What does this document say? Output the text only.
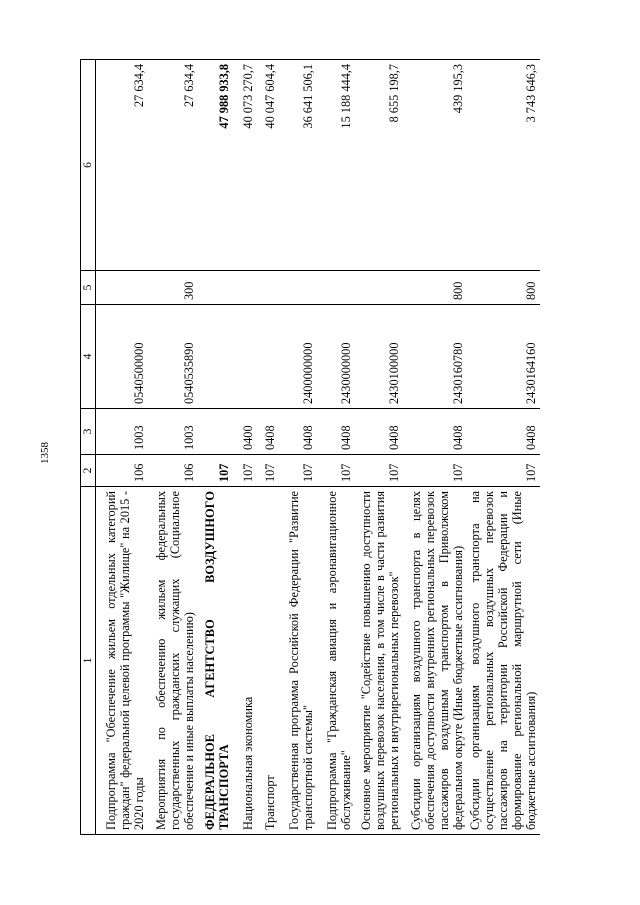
1358
1	2	3	4	5	6
Подпрограмма "Обеспечение жильем отдельных категорий граждан" федеральной целевой программы "Жилище" на 2015 - 2020 годы	106	1003	0540500000		27 634,4
Мероприятия по обеспечению жильем федеральных государственных гражданских служащих (Социальное обеспечение и иные выплаты населению)	106	1003	0540535890	300	27 634,4
ФЕДЕРАЛЬНОЕ АГЕНТСТВО ВОЗДУШНОГО ТРАНСПОРТА	107				47 988 933,8
Национальная экономика	107	0400			40 073 270,7
Транспорт	107	0408			40 047 604,4
Государственная программа Российской Федерации "Развитие транспортной системы"	107	0408	2400000000		36 641 506,1
Подпрограмма "Гражданская авиация и аэронавигационное обслуживание"	107	0408	2430000000		15 188 444,4
Основное мероприятие "Содействие повышению доступности воздушных перевозок населения, в том числе в части развития региональных и внутрирегиональных перевозок"	107	0408	2430100000		8 655 198,7
Субсидии организациям воздушного транспорта в целях обеспечения доступности внутренних региональных перевозок пассажиров воздушным транспортом в Приволжском федеральном округе (Иные бюджетные ассигнования)	107	0408	2430160780	800	439 195,3
Субсидии организациям воздушного транспорта на осуществление региональных воздушных перевозок пассажиров на территории Российской Федерации и формирование региональной маршрутной сети (Иные бюджетные ассигнования)	107	0408	2430164160	800	3 743 646,3
